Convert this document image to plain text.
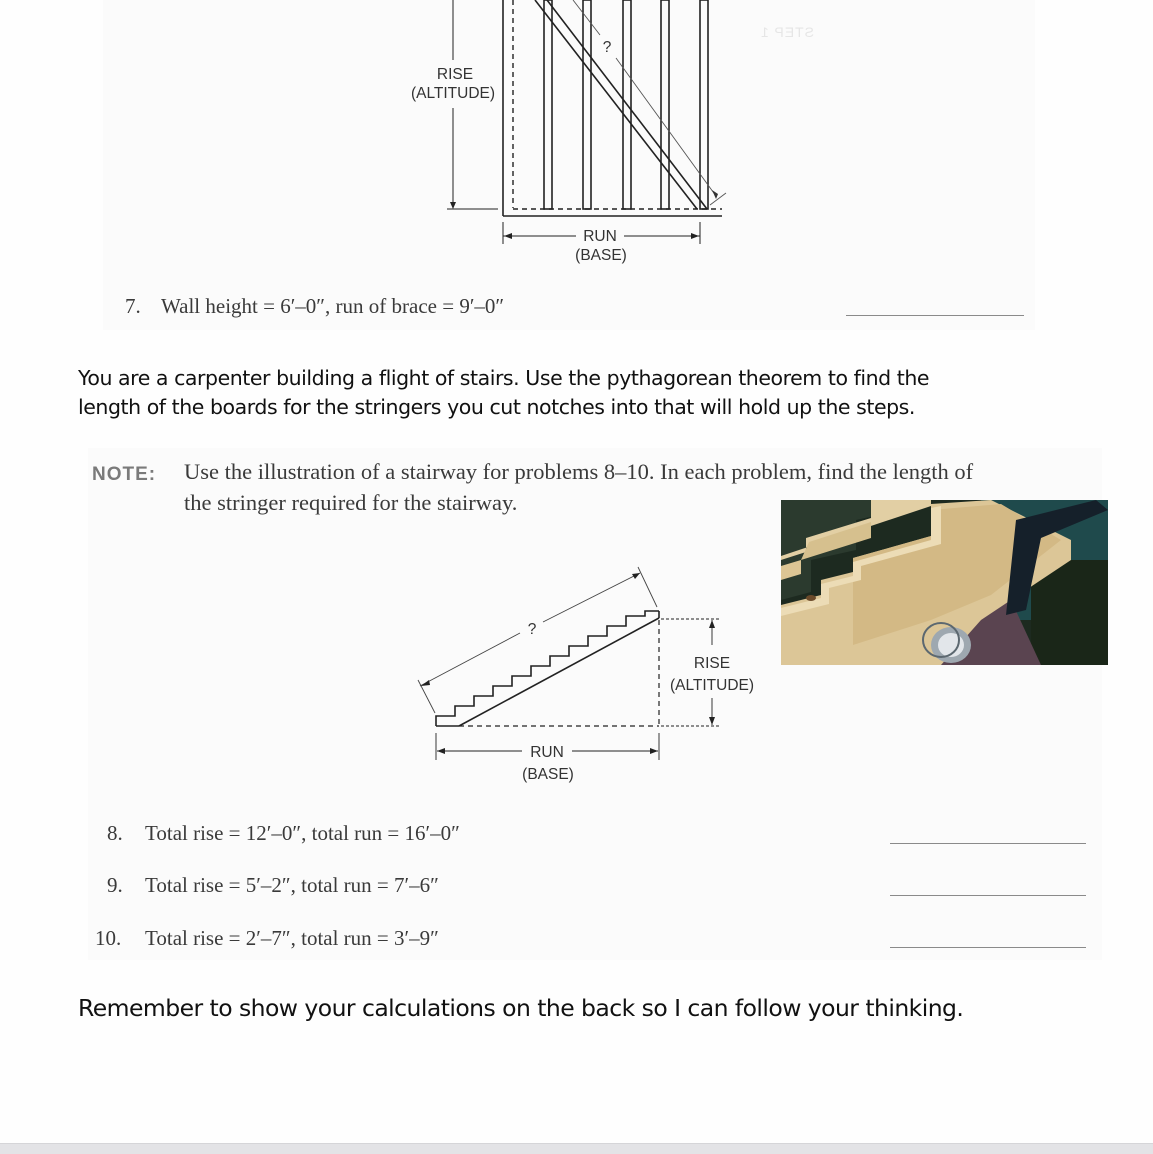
STEP 1
RISE
(ALTITUDE)
RUN
(BASE)
?
7. Wall height = 6′–0″, run of brace = 9′–0″
You are a carpenter building a flight of stairs. Use the pythagorean theorem to find the
length of the boards for the stringers you cut notches into that will hold up the steps.
NOTE: Use the illustration of a stairway for problems 8–10. In each problem, find the length of
the stringer required for the stairway.
?
RISE
(ALTITUDE)
RUN
(BASE)
8. Total rise = 12′–0″, total run = 16′–0″
9. Total rise = 5′–2″, total run = 7′–6″
10. Total rise = 2′–7″, total run = 3′–9″
Remember to show your calculations on the back so I can follow your thinking.
